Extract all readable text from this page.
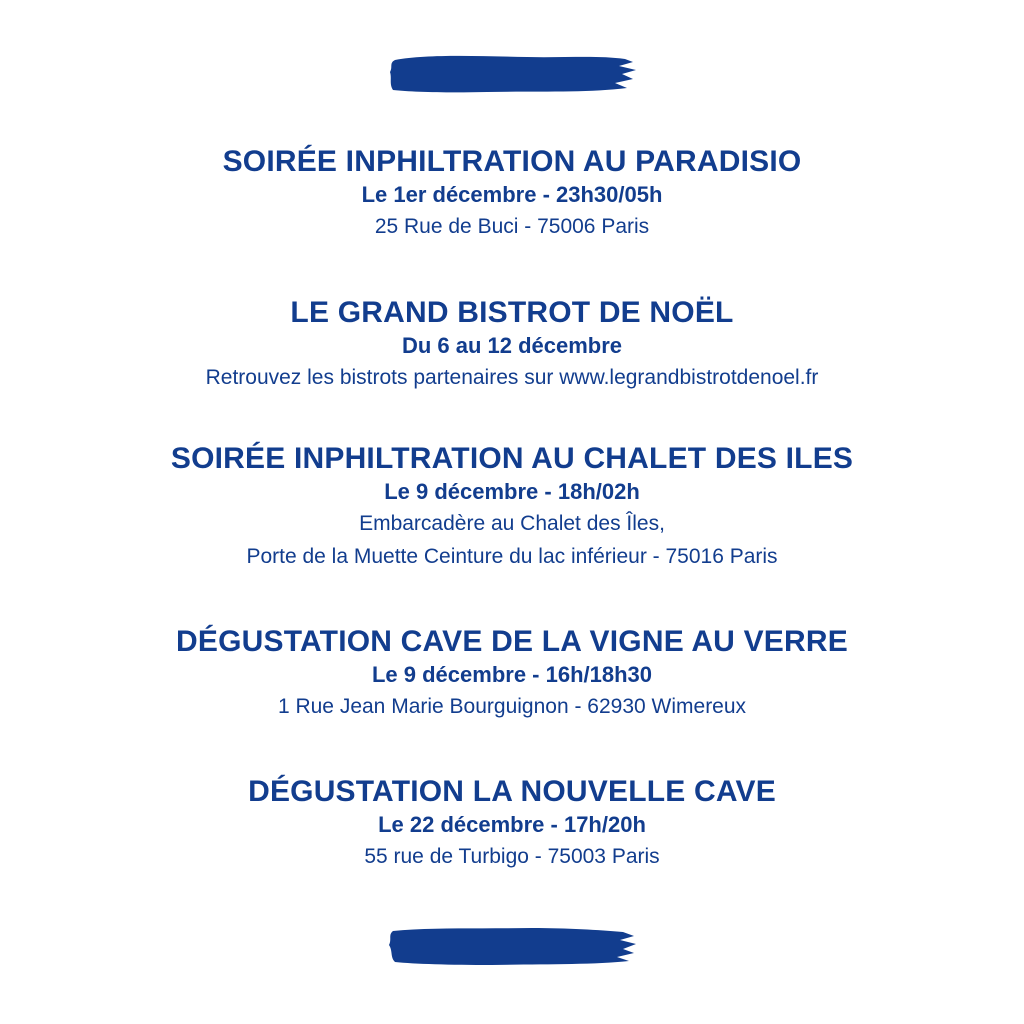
SOIRÉE INPHILTRATION AU PARADISIO
Le 1er décembre - 23h30/05h
25 Rue de Buci - 75006 Paris
LE GRAND BISTROT DE NOËL
Du 6 au 12 décembre
Retrouvez les bistrots partenaires sur www.legrandbistrotdenoel.fr
SOIRÉE INPHILTRATION AU CHALET DES ILES
Le 9 décembre - 18h/02h
Embarcadère au Chalet des Îles,
Porte de la Muette Ceinture du lac inférieur - 75016 Paris
DÉGUSTATION CAVE DE LA VIGNE AU VERRE
Le 9 décembre - 16h/18h30
1 Rue Jean Marie Bourguignon - 62930 Wimereux
DÉGUSTATION LA NOUVELLE CAVE
Le 22 décembre - 17h/20h
55 rue de Turbigo - 75003 Paris
